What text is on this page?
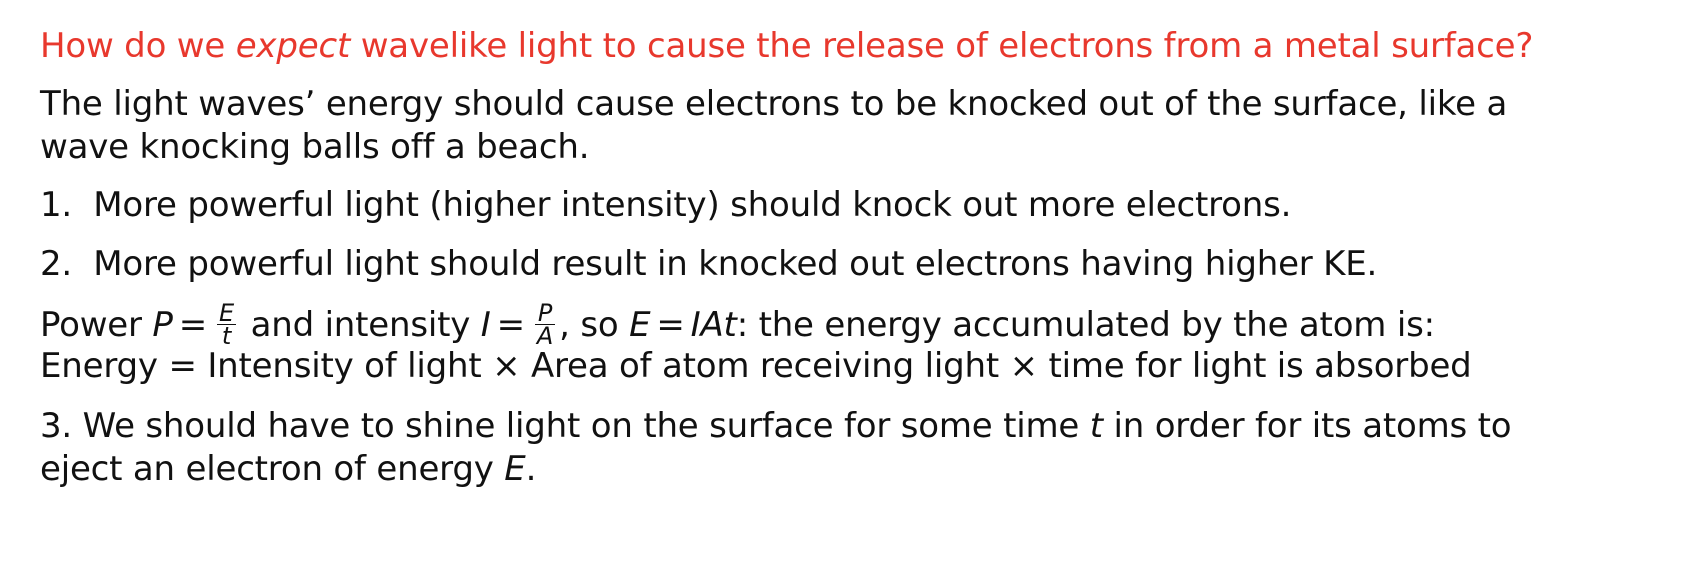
How do we expect wavelike light to cause the release of electrons from a metal surface?
The light waves’ energy should cause electrons to be knocked out of the surface, like a
wave knocking balls off a beach.
1. More powerful light (higher intensity) should knock out more electrons.
2. More powerful light should result in knocked out electrons having higher KE.
Power $P = \frac{E}{t}$ and intensity $I = \frac{P}{A}$ , so E = IAt: the energy accumulated by the atom is:
Energy = Intensity of light × Area of atom receiving light × time for light is absorbed
3. We should have to shine light on the surface for some time t in order for its atoms to
eject an electron of energy E.
